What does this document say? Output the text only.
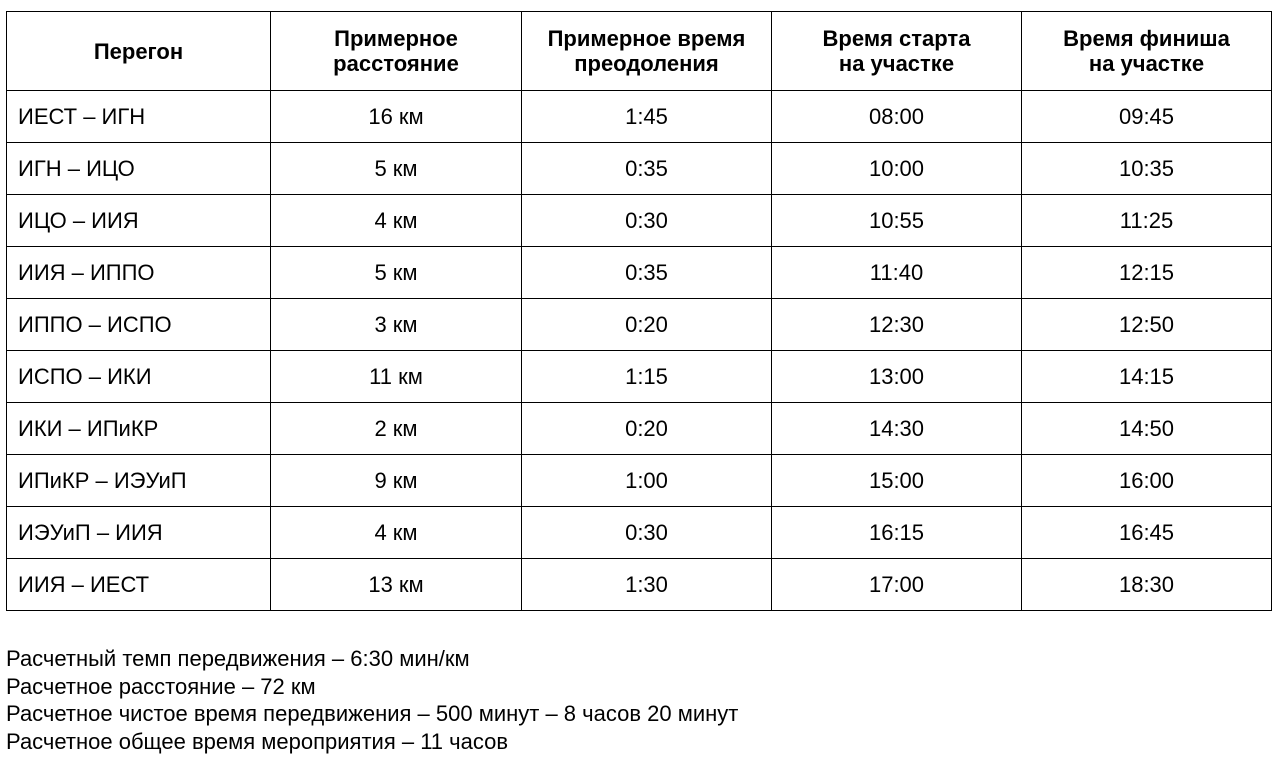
Перегон	Примерное расстояние	Примерное время преодоления	Время старта на участке	Время финиша на участке

ИЕСТ – ИГН	16 км	1:45	08:00	09:45
ИГН – ИЦО	5 км	0:35	10:00	10:35
ИЦО – ИИЯ	4 км	0:30	10:55	11:25
ИИЯ – ИППО	5 км	0:35	11:40	12:15
ИППО – ИСПО	3 км	0:20	12:30	12:50
ИСПО – ИКИ	11 км	1:15	13:00	14:15
ИКИ – ИПиКР	2 км	0:20	14:30	14:50
ИПиКР – ИЭУиП	9 км	1:00	15:00	16:00
ИЭУиП – ИИЯ	4 км	0:30	16:15	16:45
ИИЯ – ИЕСТ	13 км	1:30	17:00	18:30
Расчетный темп передвижения – 6:30 мин/км
Расчетное расстояние – 72 км
Расчетное чистое время передвижения – 500 минут – 8 часов 20 минут
Расчетное общее время мероприятия – 11 часов
